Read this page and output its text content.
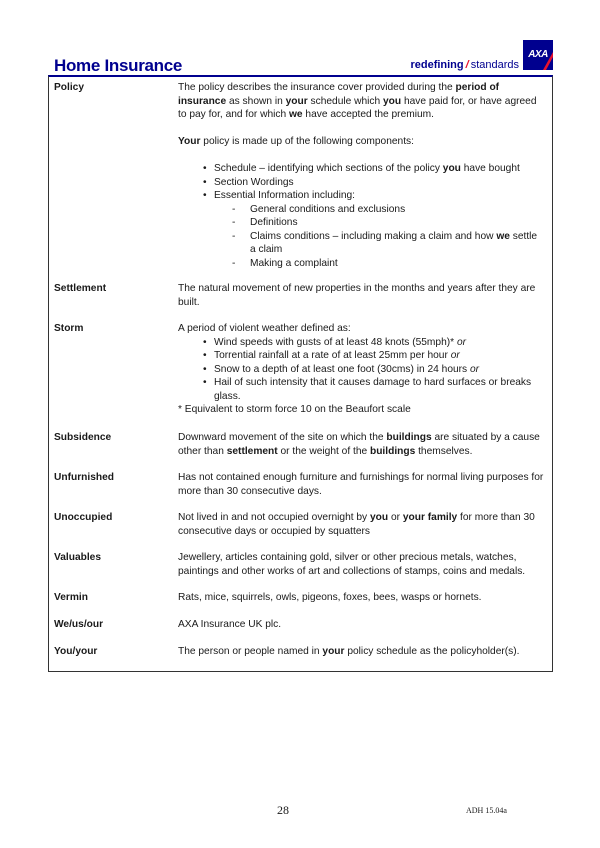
Home Insurance	redefining / standards
AXA
Policy	The policy describes the insurance cover provided during the period of insurance as shown in your schedule which you have paid for, or have agreed to pay for, and for which we have accepted the premium.

Your policy is made up of the following components:

• Schedule – identifying which sections of the policy you have bought
• Section Wordings
• Essential Information including:
- General conditions and exclusions
- Definitions
- Claims conditions – including making a claim and how we settle a claim
- Making a complaint
Settlement	The natural movement of new properties in the months and years after they are built.
Storm	A period of violent weather defined as:

• Wind speeds with gusts of at least 48 knots (55mph)* or
• Torrential rainfall at a rate of at least 25mm per hour or
• Snow to a depth of at least one foot (30cms) in 24 hours or
• Hail of such intensity that it causes damage to hard surfaces or breaks glass.

* Equivalent to storm force 10 on the Beaufort scale

Subsidence	Downward movement of the site on which the buildings are situated by a cause other than settlement or the weight of the buildings themselves.
Unfurnished	Has not contained enough furniture and furnishings for normal living purposes for more than 30 consecutive days.
Unoccupied	Not lived in and not occupied overnight by you or your family for more than 30 consecutive days or occupied by squatters
Valuables	Jewellery, articles containing gold, silver or other precious metals, watches, paintings and other works of art and collections of stamps, coins and medals.
Vermin	Rats, mice, squirrels, owls, pigeons, foxes, bees, wasps or hornets.
We/us/our	AXA Insurance UK plc.
You/your	The person or people named in your policy schedule as the policyholder(s).
28	ADH 15.04a
